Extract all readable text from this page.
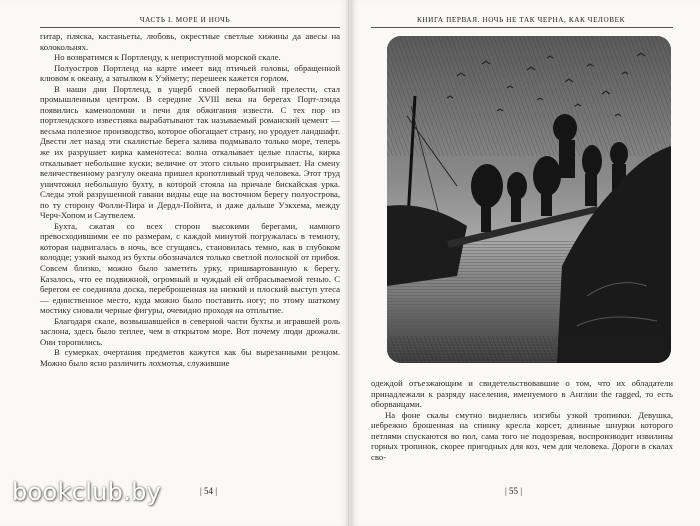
ЧАСТЬ I. МОРЕ И НОЧЬ

гитар, пляска, кастаньеты, любовь, окрестные светлые хижины да авесы на колокольнях.

Но возвратимся к Портленду, к неприступной морской скале.

Полуостров Портленд на карте имеет вид птичьей головы, обращенной клювом к океану, а затылком к Уэймету; перешеек кажется горлом.

В наши дни Портленд, в ущерб своей первобытной прелести, стал промышленным центром. В середине XVIII века на берегах Порт-лэнда появились каменоломни и печи для обжигания извести. С тех пор из портлендского известняка вырабатывают так называемый романский цемент — весьма полезное производство, которое обогащает страну, но уродует ландшафт. Двести лет назад эти скалистые берега залива подмывало только море, теперь же их разрушает кирка каменотеса: волна откалывает целые пласты, кирка откалывает небольшие куски; величие от этого сильно проигрывает. На смену величественному разгулу океана пришел кропотливый труд человека. Этот труд уничтожил небольшую бухту, в которой стояла на причале бискайская урка. Следы этой разрушенной гавани видны еще на восточном берегу полуострова, по ту сторону Фолли-Пира и Дердл-Пойнта, и даже дальше Уэкхема, между Черч-Хопом и Саутвелем.

Бухта, сжатая со всех сторон высокими берегами, намного превосходившими ее по размерам, с каждой минутой погружалась в темноту, которая надвигалась в ночь, все сгущаясь, становилась темно, как в глубоком колодце; узкий выход из бухты обозначался только светлой полоской от прибоя. Совсем близко, можно было заметить урку, пришвартованную к берегу. Казалось, что ее подвижной, огромный и чуждый ей отбрасываемой тенью. С берегом ее соединяла доска, переброшенная на низкий и плоский выступ утеса — единственное место, куда можно было поставить ногу; по этому шаткому мостику сновали черные фигуры, очевидно проходя на отплытие.

Благодаря скале, возвышавшейся в северной части бухты и игравшей роль заслона, здесь было теплее, чем в открытом море. Вот почему люди дрожали. Они торопились.

В сумерках очертания предметов кажутся как бы вырезанными резцом. Можно было ясно различить лохмотья, служившие

| 54 |
КНИГА ПЕРВАЯ. НОЧЬ НЕ ТАК ЧЕРНА, КАК ЧЕЛОВЕК

одеждой отъезжающим и свидетельствовавшие о том, что их обладатели принадлежали к разряду населения, именуемого в Англии the ragged, то есть оборванцами.

На фоне скалы смутно виднелись изгибы узкой тропинки. Девушка, небрежно брошенная на спинку кресла корсет, длинные шнурки которого петлями спускаются во пол, сама того не подозревая, воспроизводит извилины горных тропинок, скорее пригодных для коз, чем для человека. Дороги в скалах сво-

| 55 |
bookclub.by
